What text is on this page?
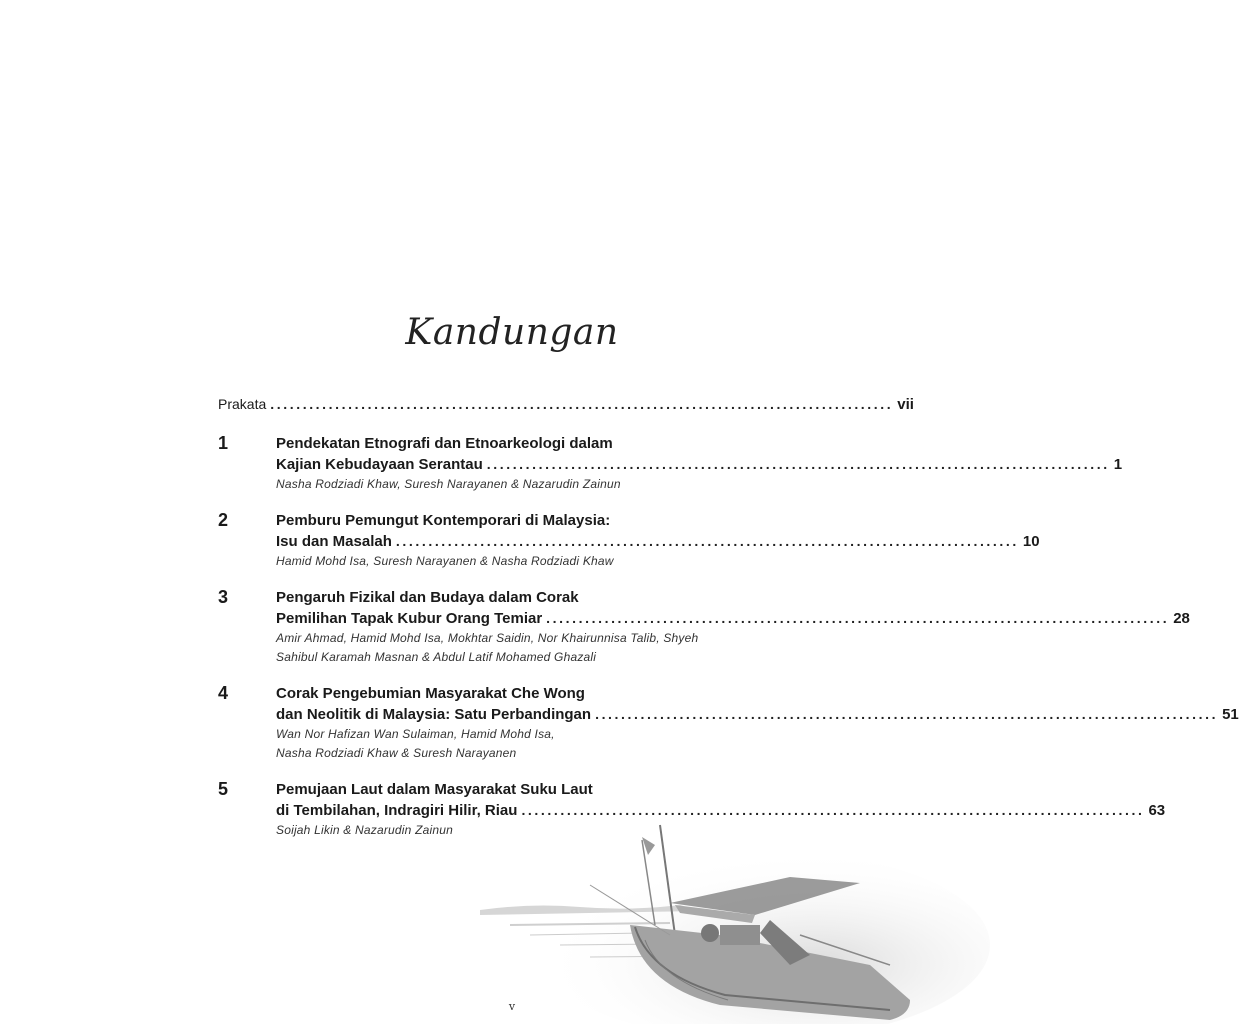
Kandungan
Prakata ................................................................................................ vii
1	Pendekatan Etnografi dan Etnoarkeologi dalam
Kajian Kebudayaan Serantau ................................................................................................ 1
Nasha Rodziadi Khaw, Suresh Narayanen & Nazarudin Zainun
2	Pemburu Pemungut Kontemporari di Malaysia:
Isu dan Masalah ................................................................................................ 10
Hamid Mohd Isa, Suresh Narayanen & Nasha Rodziadi Khaw
3	Pengaruh Fizikal dan Budaya dalam Corak
Pemilihan Tapak Kubur Orang Temiar ................................................................................................ 28
Amir Ahmad, Hamid Mohd Isa, Mokhtar Saidin, Nor Khairunnisa Talib, Shyeh
Sahibul Karamah Masnan & Abdul Latif Mohamed Ghazali
4	Corak Pengebumian Masyarakat Che Wong
dan Neolitik di Malaysia: Satu Perbandingan ................................................................................................ 51
Wan Nor Hafizan Wan Sulaiman, Hamid Mohd Isa,
Nasha Rodziadi Khaw & Suresh Narayanen
5	Pemujaan Laut dalam Masyarakat Suku Laut
di Tembilahan, Indragiri Hilir, Riau ................................................................................................ 63
Soijah Likin & Nazarudin Zainun
v
